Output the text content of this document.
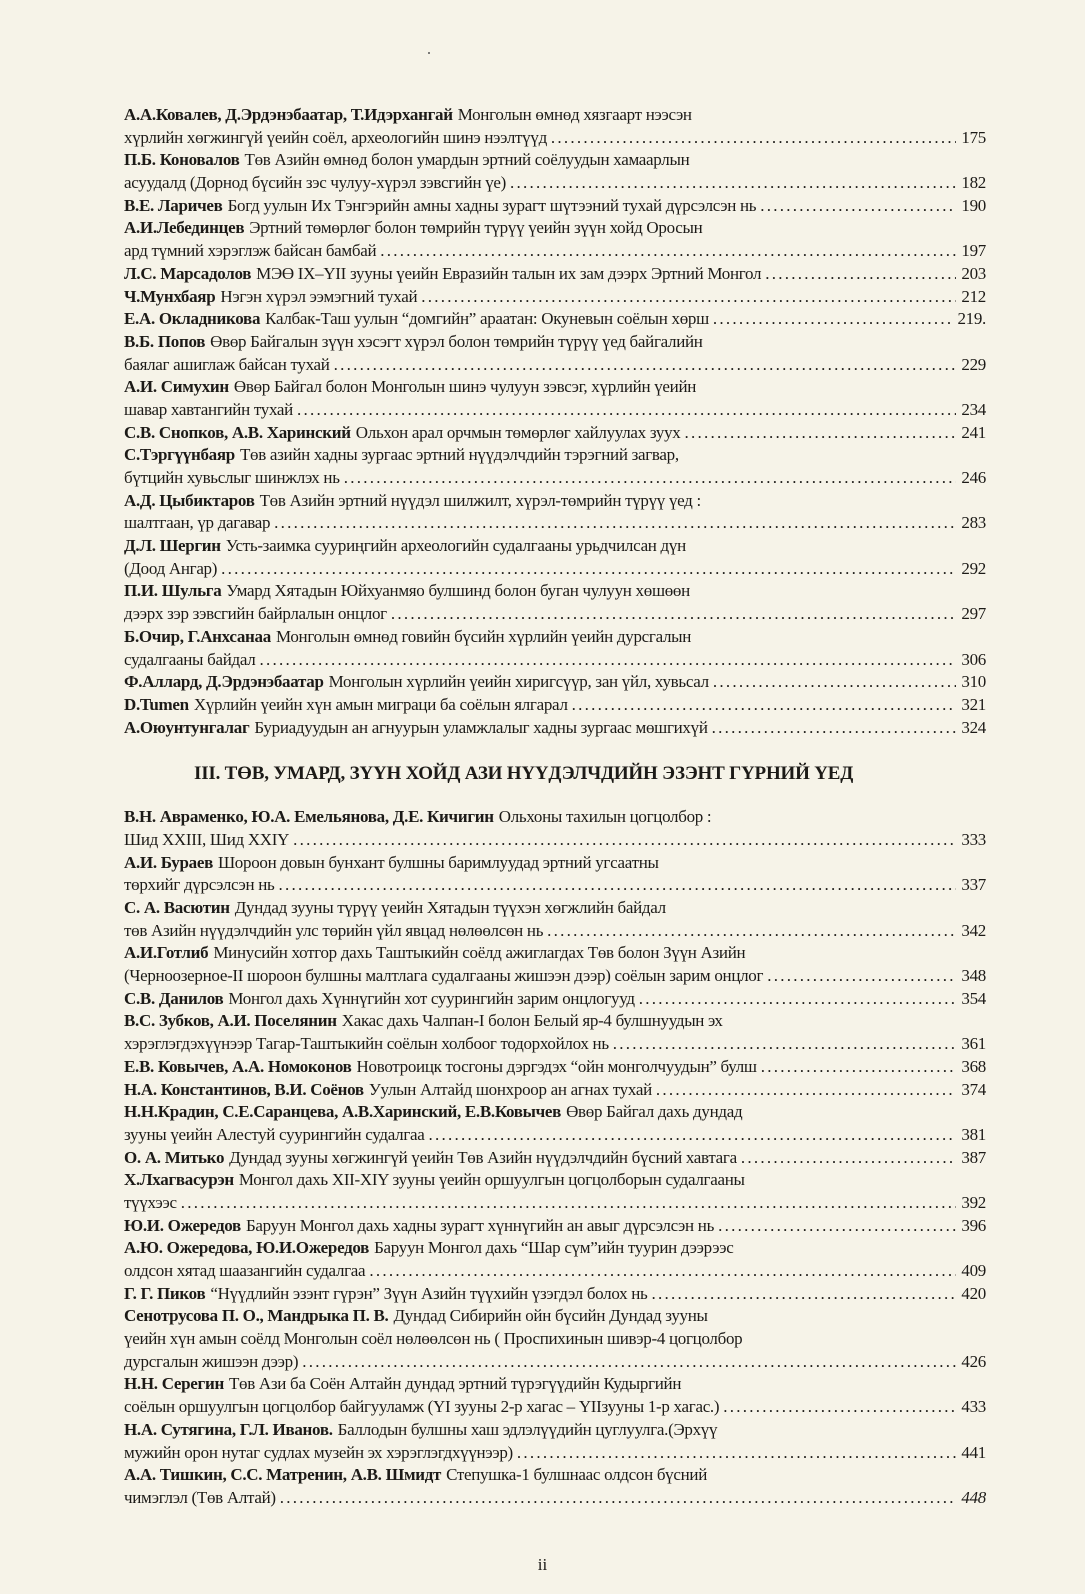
А.А.Ковалев, Д.Эрдэнэбаатар, Т.Идэрхангай Монголын өмнөд хязгаарт нээсэн
хүрлийн хөгжингүй үеийн соёл, археологийн шинэ нээлтүүд . . .	175
П.Б. Коновалов Төв Азийн өмнөд болон умардын эртний соёлуудын хамаарлын
асуудалд (Дорнод бүсийн зэс чулуу-хүрэл зэвсгийн үе) . . .	182
В.Е. Ларичев Богд уулын Их Тэнгэрийн амны хадны зурагт шүтээний тухай дүрсэлсэн нь . . .	190
А.И.Лебединцев Эртний төмөрлөг болон төмрийн түрүү үеийн зүүн хойд Оросын
ард түмний хэрэглэж байсан бамбай . . .	197
Л.С. Марсадолов МЭӨ IX–YII зууны үеийн Евразийн талын их зам дээрх Эртний Монгол . . .	203
Ч.Мунхбаяр Нэгэн хүрэл ээмэгний тухай . . .	212
Е.А. Окладникова Калбак-Таш уулын “домгийн” араатан: Окуневын соёлын хөрш . . .	219.
В.Б. Попов Өвөр Байгалын зүүн хэсэгт хүрэл болон төмрийн түрүү үед байгалийн
баялаг ашиглаж байсан тухай . . .	229
А.И. Симухин Өвөр Байгал болон Монголын шинэ чулуун зэвсэг, хүрлийн үеийн
шавар хавтангийн тухай . . .	234
С.В. Снопков, А.В. Харинский Ольхон арал орчмын төмөрлөг хайлуулах зуух . . .	241
С.Тэргүүнбаяр Төв азийн хадны зургаас эртний нүүдэлчдийн тэрэгний загвар,
бүтцийн хувьслыг шинжлэх нь . . .	246
А.Д. Цыбиктаров Төв Азийн эртний нүүдэл шилжилт, хүрэл-төмрийн түрүү үед :
шалтгаан, үр дагавар . . .	283
Д.Л. Шергин Усть-заимка сууриңгийн археологийн судалгааны урьдчилсан дүн
(Доод Ангар) . . .	292
П.И. Шульга Умард Хятадын Юйхуанмяо булшинд болон буган чулуун хөшөөн
дээрх зэр зэвсгийн байрлалын онцлог . . .	297
Б.Очир, Г.Анхсанаа Монголын өмнөд говийн бүсийн хүрлийн үеийн дурсгалын
судалгааны байдал . . .	306
Ф.Аллард, Д.Эрдэнэбаатар Монголын хүрлийн үеийн хиригсүүр, зан үйл, хувьсал . . .	310
D.Tumen Хүрлийн үеийн хүн амын миграци ба соёлын ялгарал . . .	321
А.Оюунтунгалаг Буриадуудын ан агнуурын уламжлалыг хадны зургаас мөшгихүй . . .	324
III. ТӨВ, УМАРД, ЗҮҮН ХОЙД АЗИ НҮҮДЭЛЧДИЙН ЭЗЭНТ ГҮРНИЙ ҮЕД
В.Н. Авраменко, Ю.А. Емельянова, Д.Е. Кичигин Ольхоны тахилын цогцолбор :
Шид XXIII, Шид XXIY . . .	333
А.И. Бураев Шороон довын бунхант булшны баримлуудад эртний угсаатны
төрхийг дүрсэлсэн нь . . .	337
С. А. Васютин Дундад зууны түрүү үеийн Хятадын түүхэн хөгжлийн байдал
төв Азийн нүүдэлчдийн улс төрийн үйл явцад нөлөөлсөн нь . . .	342
А.И.Готлиб Минусийн хотгор дахь Таштыкийн соёлд ажиглагдах Төв болон Зүүн Азийн
(Черноозерное-II шороон булшны малтлага судалгааны жишээн дээр) соёлын зарим онцлог . . .	348
С.В. Данилов Монгол дахь Хүннүгийн хот суурингийн зарим онцлогууд . . .	354
В.С. Зубков, А.И. Поселянин Хакас дахь Чалпан-I болон Белый яр-4 булшнуудын эх
хэрэглэгдэхүүнээр Тагар-Таштыкийн соёлын холбоог тодорхойлох нь . . .	361
Е.В. Ковычев, А.А. Номоконов Новотроицк тосгоны дэргэдэх “ойн монголчуудын” булш . . .	368
Н.А. Константинов, В.И. Соёнов Уулын Алтайд шонхроор ан агнах тухай . . .	374
Н.Н.Крадин, С.Е.Саранцева, А.В.Харинский, Е.В.Ковычев Өвөр Байгал дахь дундад
зууны үеийн Алестуй суурингийн судалгаа . . .	381
О. А. Митько Дундад зууны хөгжингүй үеийн Төв Азийн нүүдэлчдийн бүсний хавтага . . .	387
Х.Лхагвасурэн Монгол дахь XII-XIY зууны үеийн оршуулгын цогцолборын судалгааны
түүхээс . . .	392
Ю.И. Ожередов Баруун Монгол дахь хадны зурагт хүннүгийн ан авыг дүрсэлсэн нь . . .	396
А.Ю. Ожередова, Ю.И.Ожередов Баруун Монгол дахь “Шар сүм”ийн туурин дээрээс
олдсон хятад шаазангийн судалгаа . . .	409
Г. Г. Пиков “Нүүдлийн эзэнт гүрэн” Зүүн Азийн түүхийн үзэгдэл болох нь . . .	420
Сенотрусова П. О., Мандрыка П. В. Дундад Сибирийн ойн бүсийн Дундад зууны
үеийн хүн амын соёлд Монголын соёл нөлөөлсөн нь ( Проспихинын шивэр-4 цогцолбор
дурсгалын жишээн дээр) . . .	426
Н.Н. Серегин Төв Ази ба Соён Алтайн дундад эртний түрэгүүдийн Кудыргийн
соёлын оршуулгын цогцолбор байгууламж (YI зууны 2-р хагас – YIIзууны 1-р хагас.) . . .	433
Н.А. Сутягина, Г.Л. Иванов. Баллодын булшны хаш эдлэлүүдийн цуглуулга.(Эрхүү
мужийн орон нутаг судлах музейн эх хэрэглэгдхүүнээр) . . .	441
А.А. Тишкин, С.С. Матренин, А.В. Шмидт Степушка-1 булшнаас олдсон бүсний
чимэглэл (Төв Алтай) . . .	448
ii
